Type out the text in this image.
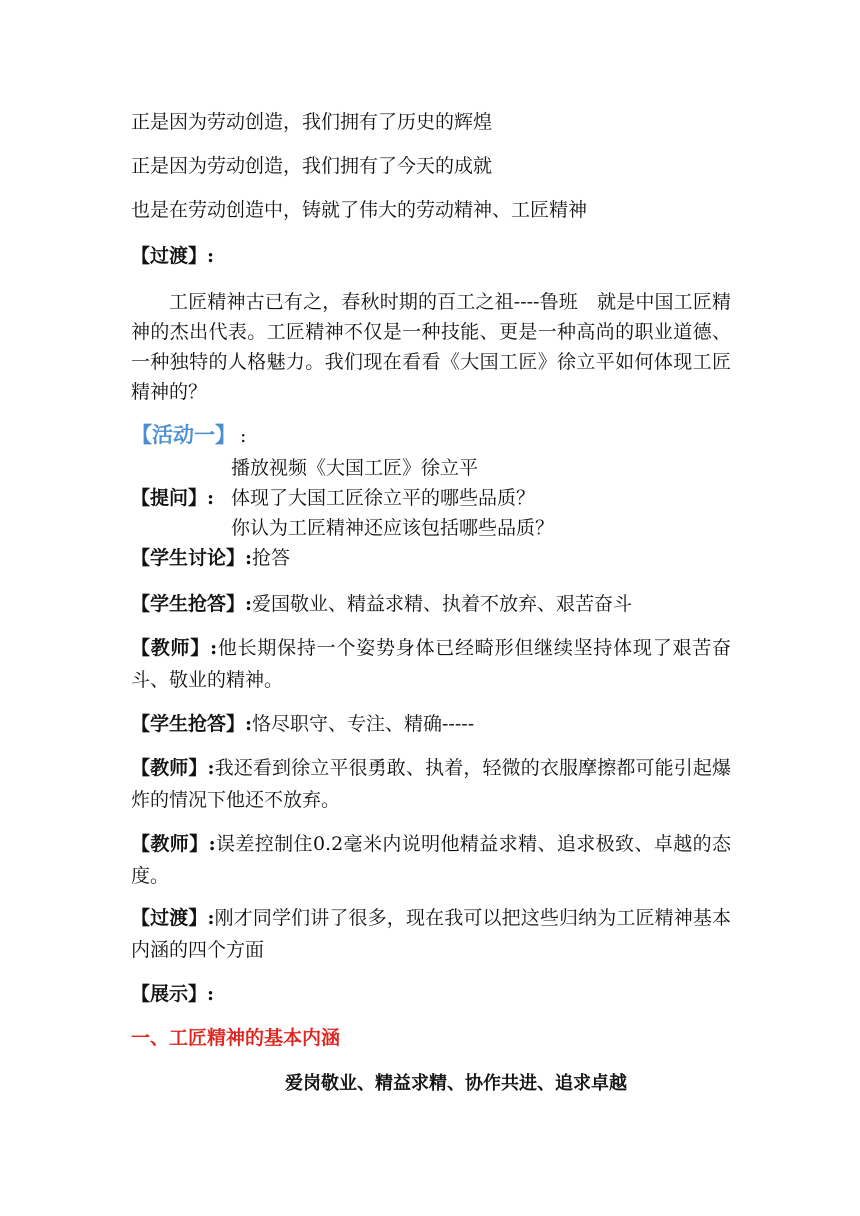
正是因为劳动创造，我们拥有了历史的辉煌
正是因为劳动创造，我们拥有了今天的成就
也是在劳动创造中，铸就了伟大的劳动精神、工匠精神
【过渡】:
工匠精神古已有之，春秋时期的百工之祖----鲁班　就是中国工匠精神的杰出代表。工匠精神不仅是一种技能、更是一种高尚的职业道德、一种独特的人格魅力。我们现在看看《大国工匠》徐立平如何体现工匠精神的？
【活动一】 :
播放视频《大国工匠》徐立平
【提问】: 体现了大国工匠徐立平的哪些品质？
你认为工匠精神还应该包括哪些品质？
【学生讨论】:抢答
【学生抢答】:爱国敬业、精益求精、执着不放弃、艰苦奋斗
【教师】:他长期保持一个姿势身体已经畸形但继续坚持体现了艰苦奋斗、敬业的精神。
【学生抢答】:恪尽职守、专注、精确-----
【教师】:我还看到徐立平很勇敢、执着，轻微的衣服摩擦都可能引起爆炸的情况下他还不放弃。
【教师】:误差控制住0.2毫米内说明他精益求精、追求极致、卓越的态度。
【过渡】:刚才同学们讲了很多，现在我可以把这些归纳为工匠精神基本内涵的四个方面
【展示】:
一、工匠精神的基本内涵
爱岗敬业、精益求精、协作共进、追求卓越
